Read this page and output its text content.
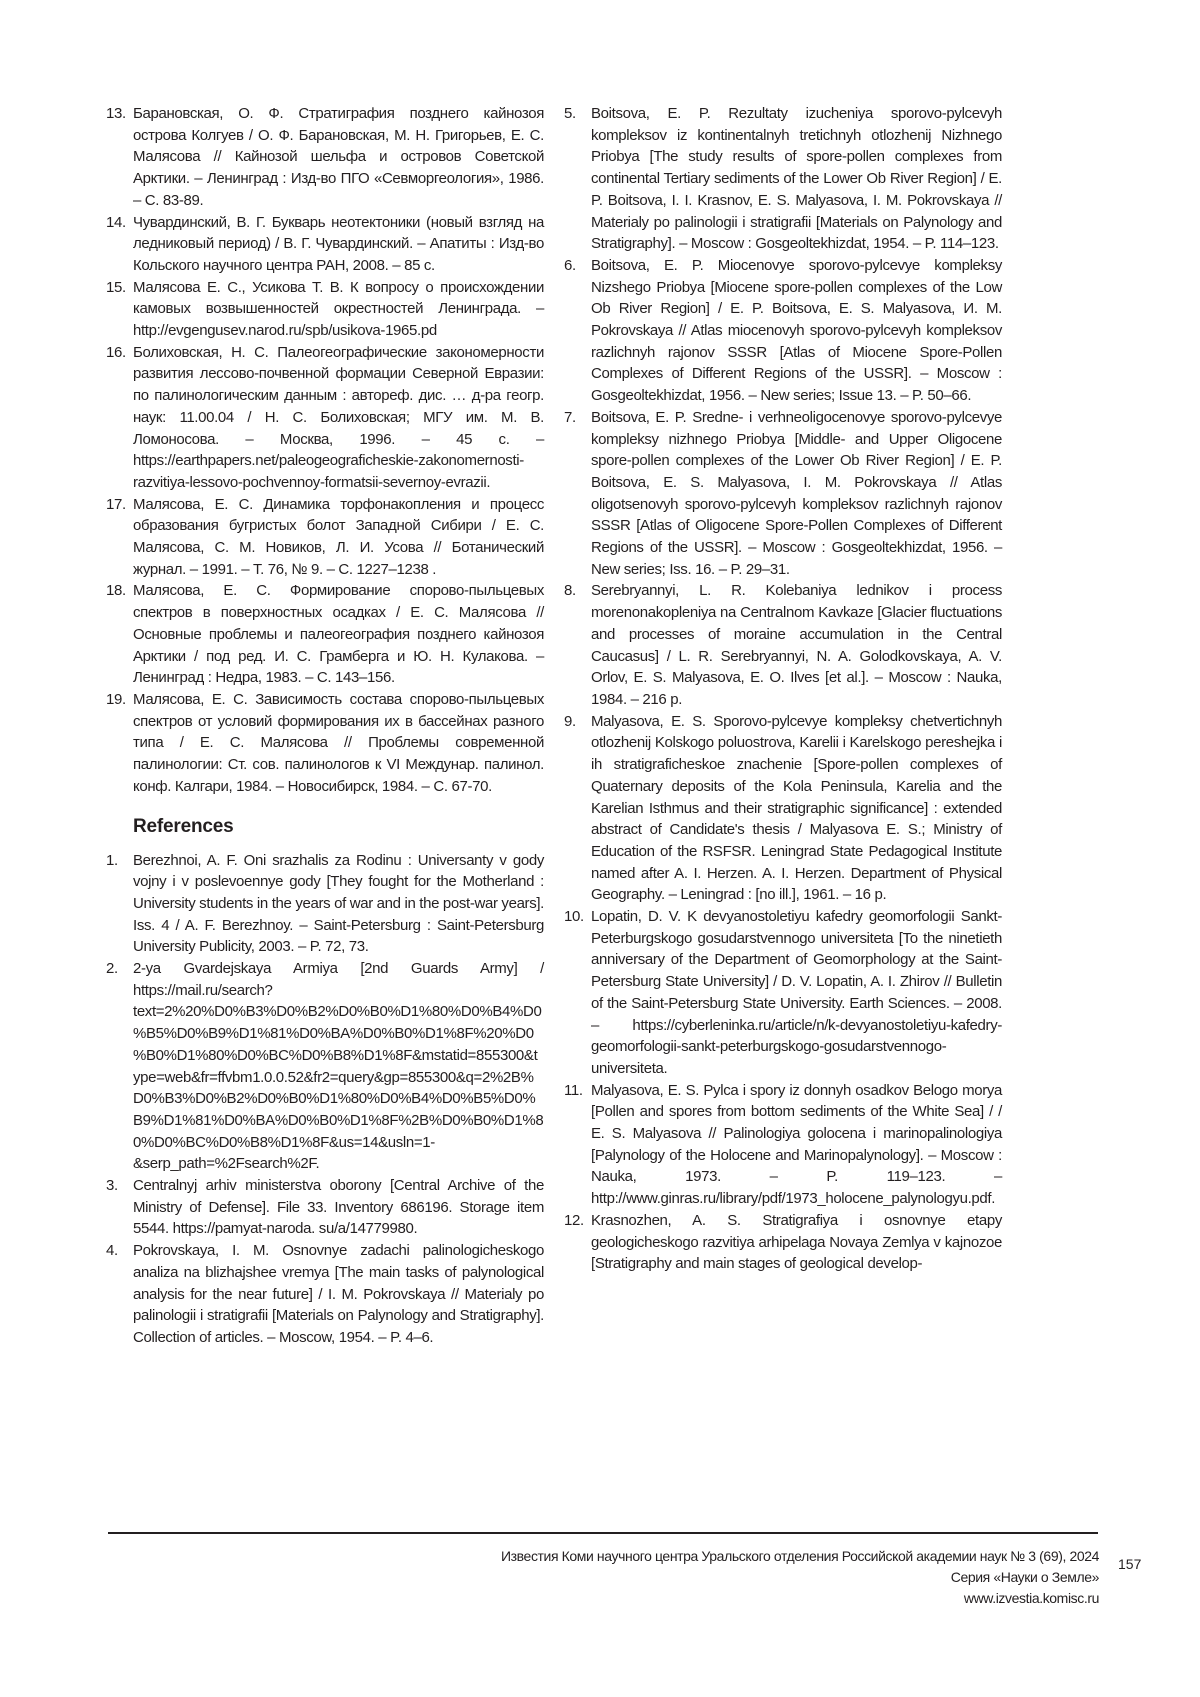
13. Барановская, О. Ф. Стратиграфия позднего кайнозоя острова Колгуев / О. Ф. Барановская, М. Н. Григорьев, Е. С. Малясова // Кайнозой шельфа и островов Советской Арктики. – Ленинград : Изд-во ПГО «Севморгеология», 1986. – С. 83-89.
14. Чувардинский, В. Г. Букварь неотектоники (новый взгляд на ледниковый период) / В. Г. Чувардинский. – Апатиты : Изд-во Кольского научного центра РАН, 2008. – 85 с.
15. Малясова Е. С., Усикова Т. В. К вопросу о происхождении камовых возвышенностей окрестностей Ленинграда. – http://evgengusev.narod.ru/spb/usikova-1965.pd
16. Болиховская, Н. С. Палеогеографические закономерности развития лессово-почвенной формации Северной Евразии: по палинологическим данным : автореф. дис. … д-ра геогр. наук: 11.00.04 / Н. С. Болиховская; МГУ им. М. В. Ломоносова. – Москва, 1996. – 45 с. – https://earthpapers.net/paleogeograficheskie-zakonomernosti-razvitiya-lessovo-pochvennoy-formatsii-severnoy-evrazii.
17. Малясова, Е. С. Динамика торфонакопления и процесс образования бугристых болот Западной Сибири / Е. С. Малясова, С. М. Новиков, Л. И. Усова // Ботанический журнал. – 1991. – Т. 76, № 9. – С. 1227–1238 .
18. Малясова, Е. С. Формирование спорово-пыльцевых спектров в поверхностных осадках / Е. С. Малясова // Основные проблемы и палеогеография позднего кайнозоя Арктики / под ред. И. С. Грамберга и Ю. Н. Кулакова. – Ленинград : Недра, 1983. – С. 143–156.
19. Малясова, Е. С. Зависимость состава спорово-пыльцевых спектров от условий формирования их в бассейнах разного типа / Е. С. Малясова // Проблемы современной палинологии: Ст. сов. палинологов к VI Междунар. палинол. конф. Калгари, 1984. – Новосибирск, 1984. – С. 67-70.
References
1.	Berezhnoi, A. F. Oni srazhalis za Rodinu : Universanty v gody vojny i v poslevoennye gody [They fought for the Motherland : University students in the years of war and in the post-war years]. Iss. 4 / A. F. Berezhnoy. – Saint-Petersburg : Saint-Petersburg University Publicity, 2003. – P. 72, 73.
2.	2-ya Gvardejskaya Armiya [2nd Guards Army] / https://mail.ru/search?text=2%20%D0%B3%D0%B2%D0%B0%D1%80%D0%B4%D0%B5%D0%B9%D1%81%D0%BA%D0%B0%D1%8F%20%D0%B0%D1%80%D0%BC%D0%B8%D1%8F&mstatid=855300&type=web&fr=ffvbm1.0.0.52&fr2=query&gp=855300&q=2%2B%D0%B3%D0%B2%D0%B0%D1%80%D0%B4%D0%B5%D0%B9%D1%81%D0%BA%D0%B0%D1%8F%2B%D0%B0%D1%80%D0%BC%D0%B8%D1%8F&us=14&usln=1-&serp_path=%2Fsearch%2F.
3.	Centralnyj arhiv ministerstva oborony [Central Archive of the Ministry of Defense]. File 33. Inventory 686196. Storage item 5544. https://pamyat-naroda. su/a/14779980.
4.	Pokrovskaya, I. M. Osnovnye zadachi palinologicheskogo analiza na blizhajshee vremya [The main tasks of palynological analysis for the near future] / I. M. Pokrovskaya // Materialy po palinologii i stratigrafii [Materials on Palynology and Stratigraphy]. Collection of articles. – Moscow, 1954. – P. 4–6.
5.	Boitsova, E. P. Rezultaty izucheniya sporovo-pylcevyh kompleksov iz kontinentalnyh tretichnyh otlozhenij Nizhnego Priobya [The study results of spore-pollen complexes from continental Tertiary sediments of the Lower Ob River Region] / E. P. Boitsova, I. I. Krasnov, E. S. Malyasova, I. M. Pokrovskaya // Materialy po palinologii i stratigrafii [Materials on Palynology and Stratigraphy]. – Moscow : Gosgeoltekhizdat, 1954. – P. 114–123.
6.	Boitsova, E. P. Miocenovye sporovo-pylcevye kompleksy Nizshego Priobya [Miocene spore-pollen complexes of the Low Ob River Region] / E. P. Boitsova, E. S. Malyasova, И. M. Pokrovskaya // Atlas miocenovyh sporovo-pylcevyh kompleksov razlichnyh rajonov SSSR [Atlas of Miocene Spore-Pollen Complexes of Different Regions of the USSR]. – Moscow : Gosgeoltekhizdat, 1956. – New series; Issue 13. – P. 50–66.
7.	Boitsova, E. P. Sredne- i verhneoligocenovye sporovo-pylcevye kompleksy nizhnego Priobya [Middle- and Upper Oligocene spore-pollen complexes of the Lower Ob River Region] / E. P. Boitsova, E. S. Malyasova, I. M. Pokrovskaya // Atlas oligotsenovyh sporovo-pylcevyh kompleksov razlichnyh rajonov SSSR [Atlas of Oligocene Spore-Pollen Complexes of Different Regions of the USSR]. – Moscow : Gosgeoltekhizdat, 1956. – New series; Iss. 16. – P. 29–31.
8.	Serebryannyi, L. R. Kolebaniya lednikov i process morenonakopleniya na Centralnom Kavkaze [Glacier fluctuations and processes of moraine accumulation in the Central Caucasus] / L. R. Serebryannyi, N. A. Golodkovskaya, A. V. Orlov, E. S. Malyasova, E. O. Ilves [et al.]. – Moscow : Nauka, 1984. – 216 p.
9.	Malyasova, E. S. Sporovo-pylcevye kompleksy chetvertichnyh otlozhenij Kolskogo poluostrova, Karelii i Karelskogo pereshejka i ih stratigraficheskoe znachenie [Spore-pollen complexes of Quaternary deposits of the Kola Peninsula, Karelia and the Karelian Isthmus and their stratigraphic significance] : extended abstract of Candidate's thesis / Malyasova E. S.; Ministry of Education of the RSFSR. Leningrad State Pedagogical Institute named after A. I. Herzen. A. I. Herzen. Department of Physical Geography. – Leningrad : [no ill.], 1961. – 16 p.
10. Lopatin, D. V. K devyanostoletiyu kafedry geomorfologii Sankt-Peterburgskogo gosudarstvennogo universiteta [To the ninetieth anniversary of the Department of Geomorphology at the Saint- Petersburg State University] / D. V. Lopatin, A. I. Zhirov // Bulletin of the Saint-Petersburg State University. Earth Sciences. – 2008. – https://cyberleninka.ru/article/n/k-devyanostoletiyu-kafedry-geomorfologii-sankt-peterburgskogo-gosudarstvennogo-universiteta.
11. Malyasova, E. S. Pylca i spory iz donnyh osadkov Belogo morya [Pollen and spores from bottom sediments of the White Sea] / / E. S. Malyasova // Palinologiya golocena i marinopalinologiya [Palynology of the Holocene and Marinopalynology]. – Moscow : Nauka, 1973. – P. 119–123. – http://www.ginras.ru/library/pdf/1973_holocene_palynologyu.pdf.
12. Krasnozhen, A. S. Stratigrafiya i osnovnye etapy geologicheskogo razvitiya arhipelaga Novaya Zemlya v kajnozoe [Stratigraphy and main stages of geological develop-
Известия Коми научного центра Уральского отделения Российской академии наук № 3 (69), 2024
Серия «Науки о Земле»
www.izvestia.komisc.ru
157
